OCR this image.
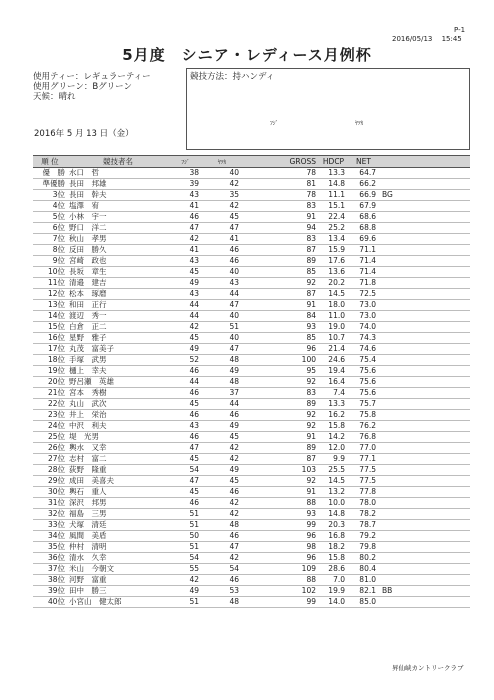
P-1
2016/05/13　 15:45
5月度　シニア・レディース月例杯
使用ティー：レギュラーティー
使用グリーン：Bグリーン
天候：晴れ
競技方法：持ハンディ
ﾌｼﾞ	ﾔﾂｶ
2016年 5 月 13 日（金）
順 位	競技者名	ﾌｼﾞ	ﾔﾂｶ	GROSS	HDCP	NET	
優　勝	水口　哲	38	40	78	13.3	64.7	
準優勝	長田　邦雄	39	42	81	14.8	66.2	
3位	長田　幹夫	43	35	78	11.1	66.9	BG
4位	塩澤　宥	41	42	83	15.1	67.9	
5位	小林　宇一	46	45	91	22.4	68.6	
6位	野口　洋二	47	47	94	25.2	68.8	
7位	秋山　孝男	42	41	83	13.4	69.6	
8位	反田　勝久	41	46	87	15.9	71.1	
9位	宮崎　政也	43	46	89	17.6	71.4	
10位	長坂　章生	45	40	85	13.6	71.4	
11位	清邉　建吉	49	43	92	20.2	71.8	
12位	松本　琢磨	43	44	87	14.5	72.5	
13位	和田　正行	44	47	91	18.0	73.0	
14位	渡辺　秀一	44	40	84	11.0	73.0	
15位	白倉　正二	42	51	93	19.0	74.0	
16位	星野　雅子	45	40	85	10.7	74.3	
17位	丸茂　富美子	49	47	96	21.4	74.6	
18位	手塚　武男	52	48	100	24.6	75.4	
19位	樋上　幸夫	46	49	95	19.4	75.6	
20位	野呂瀬　英雄	44	48	92	16.4	75.6	
21位	宮本　秀樹	46	37	83	7.4	75.6	
22位	丸山　武次	45	44	89	13.3	75.7	
23位	井上　栄治	46	46	92	16.2	75.8	
24位	中沢　利夫	43	49	92	15.8	76.2	
25位	堤　光男	46	45	91	14.2	76.8	
26位	輿水　又幸	47	42	89	12.0	77.0	
27位	志村　富二	45	42	87	9.9	77.1	
28位	荻野　隆重	54	49	103	25.5	77.5	
29位	成田　美喜夫	47	45	92	14.5	77.5	
30位	輿石　重人	45	46	91	13.2	77.8	
31位	深沢　邦男	46	42	88	10.0	78.0	
32位	福島　三男	51	42	93	14.8	78.2	
33位	犬塚　清廷	51	48	99	20.3	78.7	
34位	風間　美盾	50	46	96	16.8	79.2	
35位	仲村　清明	51	47	98	18.2	79.8	
36位	清水　久幸	54	42	96	15.8	80.2	
37位	米山　今朝文	55	54	109	28.6	80.4	
38位	河野　富重	42	46	88	7.0	81.0	
39位	田中　勝三	49	53	102	19.9	82.1	BB
40位	小宮山　健太郎	51	48	99	14.0	85.0	
昇仙峡カントリークラブ
